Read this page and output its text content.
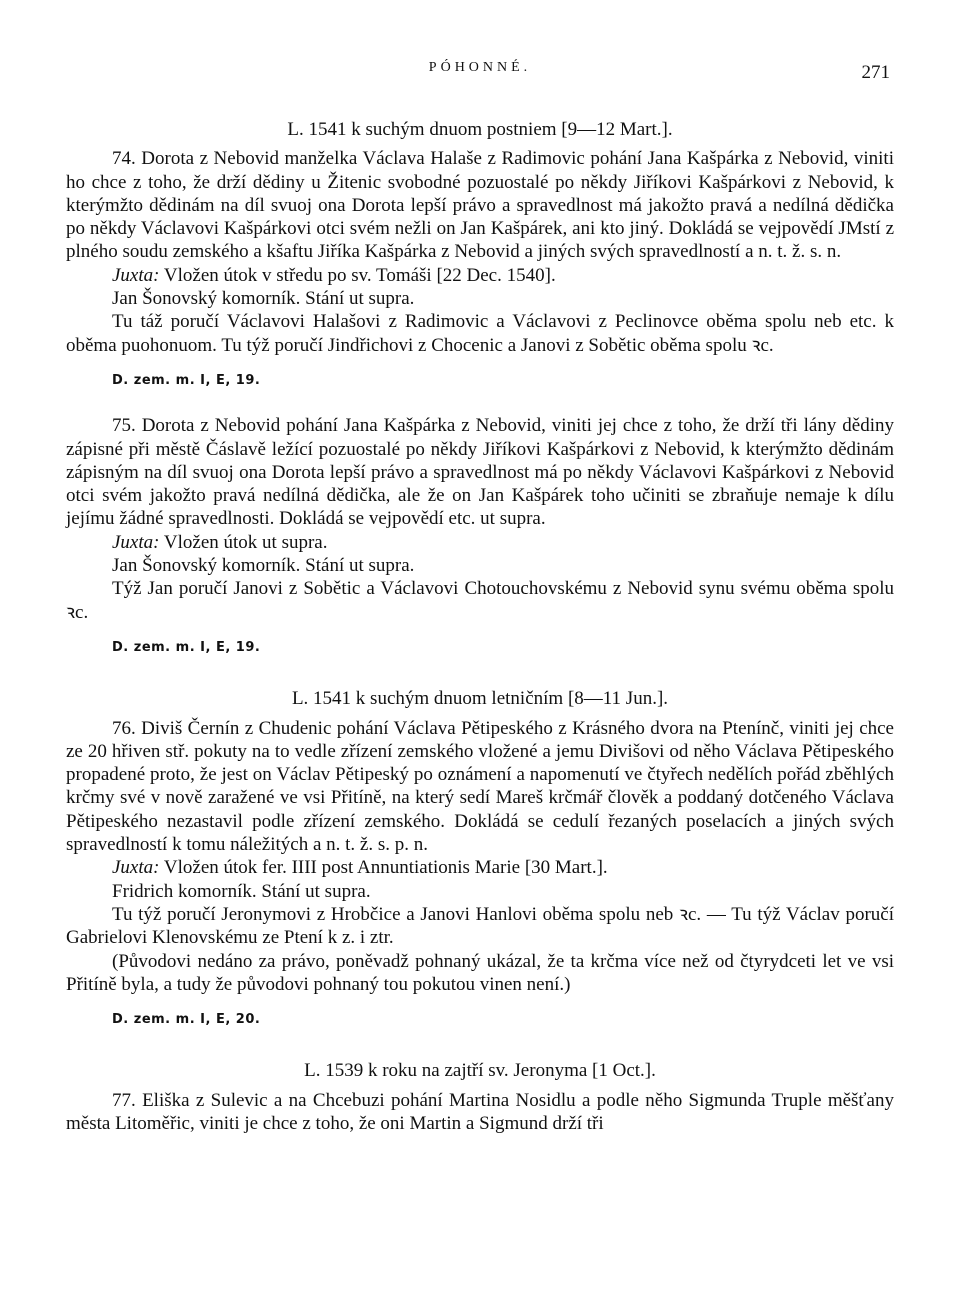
PÓHONNÉ.	271
L. 1541 k suchým dnuom postniem [9—12 Mart.].

74. Dorota z Nebovid manželka Václava Halaše z Radimovic pohání Jana Kašpárka z Nebovid, viniti ho chce z toho, že drží dědiny u Žitenic svobodné pozuostalé po někdy Jiříkovi Kašpárkovi z Nebovid, k kterýmžto dědinám na díl svuoj ona Dorota lepší právo a spravedlnost má jakožto pravá a nedílná dědička po někdy Václavovi Kašpárkovi otci svém nežli on Jan Kašpárek, ani kto jiný. Dokládá se vejpovědí JMstí z plného soudu zemského a kšaftu Jiříka Kašpárka z Nebovid a jiných svých spravedlností a n. t. ž. s. n.

Juxta: Vložen útok v středu po sv. Tomáši [22 Dec. 1540].

Jan Šonovský komorník. Stání ut supra.

Tu táž poručí Václavovi Halašovi z Radimovic a Václavovi z Peclinovce oběma spolu neb etc. k oběma puohonuom. Tu týž poručí Jindřichovi z Chocenic a Janovi z Sobětic oběma spolu ꝛc.

D. zem. m. I, E, 19.

75. Dorota z Nebovid pohání Jana Kašpárka z Nebovid, viniti jej chce z toho, že drží tři lány dědiny zápisné při městě Čáslavě ležící pozuostalé po někdy Jiříkovi Kašpárkovi z Nebovid, k kterýmžto dědinám zápisným na díl svuoj ona Dorota lepší právo a spravedlnost má po někdy Václavovi Kašpárkovi z Nebovid otci svém jakožto pravá nedílná dědička, ale že on Jan Kašpárek toho učiniti se zbraňuje nemaje k dílu jejímu žádné spravedlnosti. Dokládá se vejpovědí etc. ut supra.

Juxta: Vložen útok ut supra.

Jan Šonovský komorník. Stání ut supra.

Týž Jan poručí Janovi z Sobětic a Václavovi Chotouchovskému z Nebovid synu svému oběma spolu ꝛc.

D. zem. m. I, E, 19.
L. 1541 k suchým dnuom letničním [8—11 Jun.].

76. Diviš Černín z Chudenic pohání Václava Pětipeského z Krásného dvora na Ptenínč, viniti jej chce ze 20 hřiven stř. pokuty na to vedle zřízení zemského vložené a jemu Divišovi od něho Václava Pětipeského propadené proto, že jest on Václav Pětipeský po oznámení a napomenutí ve čtyřech nedělích pořád zběhlých krčmy své v nově zaražené ve vsi Přitíně, na který sedí Mareš krčmář člověk a poddaný dotčeného Václava Pětipeského nezastavil podle zřízení zemského. Dokládá se cedulí řezaných poselacích a jiných svých spravedlností k tomu náležitých a n. t. ž. s. p. n.

Juxta: Vložen útok fer. IIII post Annuntiationis Marie [30 Mart.].

Fridrich komorník. Stání ut supra.

Tu týž poručí Jeronymovi z Hrobčice a Janovi Hanlovi oběma spolu neb ꝛc. — Tu týž Václav poručí Gabrielovi Klenovskému ze Ptení k z. i ztr.

(Původovi nedáno za právo, poněvadž pohnaný ukázal, že ta krčma více než od čtyrydceti let ve vsi Přitíně byla, a tudy že původovi pohnaný tou pokutou vinen není.)

D. zem. m. I, E, 20.
L. 1539 k roku na zajtří sv. Jeronyma [1 Oct.].

77. Eliška z Sulevic a na Chcebuzi pohání Martina Nosidlu a podle něho Sigmunda Truple měšťany města Litoměřic, viniti je chce z toho, že oni Martin a Sigmund drží tři
